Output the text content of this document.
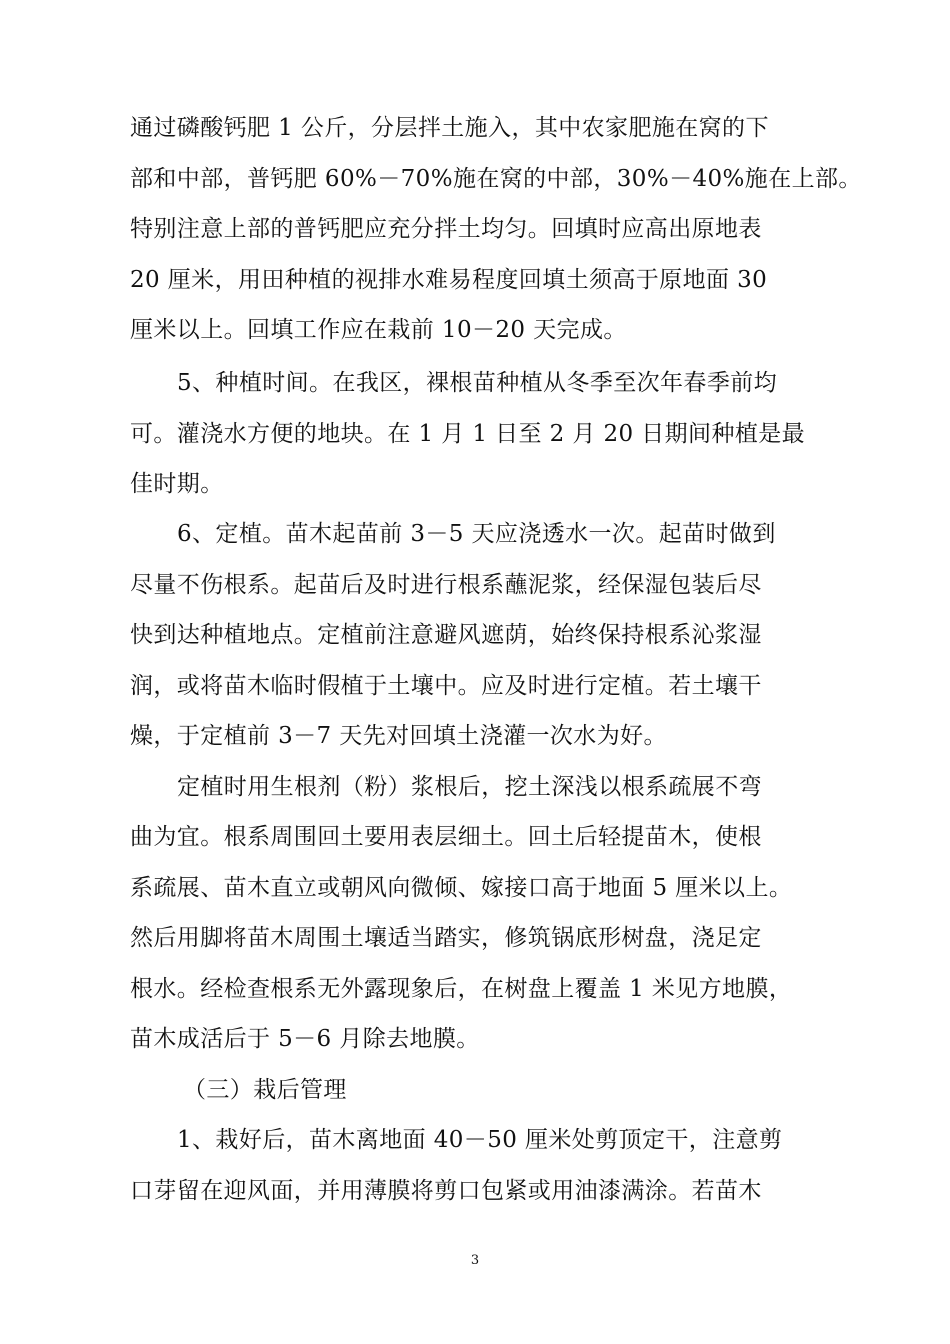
通过磷酸钙肥 1 公斤，分层拌土施入，其中农家肥施在窝的下
部和中部，普钙肥 60%－70%施在窝的中部，30%－40%施在上部。
特别注意上部的普钙肥应充分拌土均匀。回填时应高出原地表
20 厘米，用田种植的视排水难易程度回填土须高于原地面 30
厘米以上。回填工作应在栽前 10－20 天完成。
5、种植时间。在我区，裸根苗种植从冬季至次年春季前均
可。灌浇水方便的地块。在 1 月 1 日至 2 月 20 日期间种植是最
佳时期。
6、定植。苗木起苗前 3－5 天应浇透水一次。起苗时做到
尽量不伤根系。起苗后及时进行根系蘸泥浆，经保湿包装后尽
快到达种植地点。定植前注意避风遮荫，始终保持根系沁浆湿
润，或将苗木临时假植于土壤中。应及时进行定植。若土壤干
燥，于定植前 3－7 天先对回填土浇灌一次水为好。
定植时用生根剂（粉）浆根后，挖土深浅以根系疏展不弯
曲为宜。根系周围回土要用表层细土。回土后轻提苗木，使根
系疏展、苗木直立或朝风向微倾、嫁接口高于地面 5 厘米以上。
然后用脚将苗木周围土壤适当踏实，修筑锅底形树盘，浇足定
根水。经检查根系无外露现象后，在树盘上覆盖 1 米见方地膜，
苗木成活后于 5－6 月除去地膜。
（三）栽后管理
1、栽好后，苗木离地面 40－50 厘米处剪顶定干，注意剪
口芽留在迎风面，并用薄膜将剪口包紧或用油漆满涂。若苗木
3
